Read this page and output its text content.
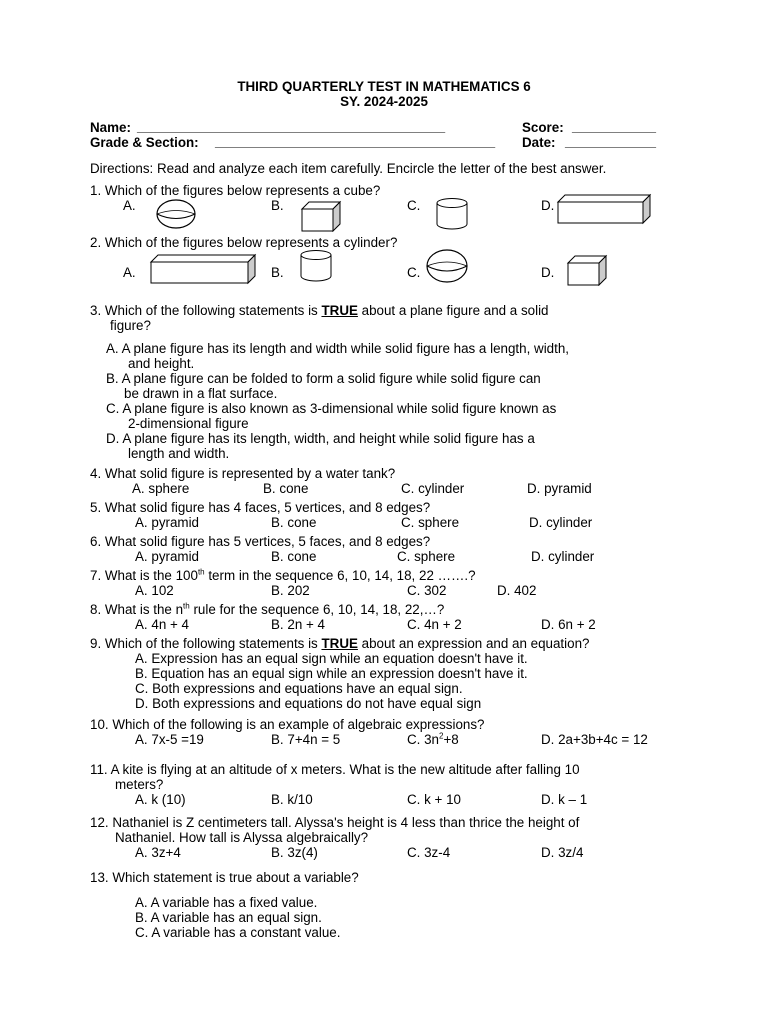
THIRD QUARTERLY TEST IN MATHEMATICS 6
SY. 2024-2025
Name: ____________________________________________	Score: ____________
Grade & Section: ________________________________________ Date: _____________
Directions: Read and analyze each item carefully. Encircle the letter of the best answer.
1. Which of the figures below represents a cube?
A.	B.	C.	D.
2. Which of the figures below represents a cylinder?
A.	B.	C.	D.
3. Which of the following statements is TRUE about a plane figure and a solid
figure?
A. A plane figure has its length and width while solid figure has a length, width,
and height.
B. A plane figure can be folded to form a solid figure while solid figure can
be drawn in a flat surface.
C. A plane figure is also known as 3-dimensional while solid figure known as
2-dimensional figure
D. A plane figure has its length, width, and height while solid figure has a
length and width.
4. What solid figure is represented by a water tank?
A. sphere	B. cone	C. cylinder	D. pyramid
5. What solid figure has 4 faces, 5 vertices, and 8 edges?
A. pyramid	B. cone	C. sphere	D. cylinder
6. What solid figure has 5 vertices, 5 faces, and 8 edges?
A. pyramid	B. cone	C. sphere	D. cylinder
7. What is the 100th term in the sequence 6, 10, 14, 18, 22 …….?
A. 102	B. 202	C. 302	D. 402
8. What is the $n^{th}$ rule for the sequence 6, 10, 14, 18, 22,…?
A. 4n + 4	B. 2n + 4	C. 4n + 2	D. 6n + 2
9. Which of the following statements is TRUE about an expression and an equation?
A. Expression has an equal sign while an equation doesn't have it.
B. Equation has an equal sign while an expression doesn't have it.
C. Both expressions and equations have an equal sign.
D. Both expressions and equations do not have equal sign
10. Which of the following is an example of algebraic expressions?
A. 7x-5 =19	B. 7+4n = 5	C. $3n^2+8$	D. 2a+3b+4c = 12
11. A kite is flying at an altitude of x meters. What is the new altitude after falling 10
meters?
A. k (10)	B. k/10	C. k + 10	D. k – 1
12. Nathaniel is Z centimeters tall. Alyssa's height is 4 less than thrice the height of
Nathaniel. How tall is Alyssa algebraically?
A. 3z+4	B. 3z(4)	C. 3z-4	D. 3z/4
13. Which statement is true about a variable?
A. A variable has a fixed value.
B. A variable has an equal sign.
C. A variable has a constant value.
